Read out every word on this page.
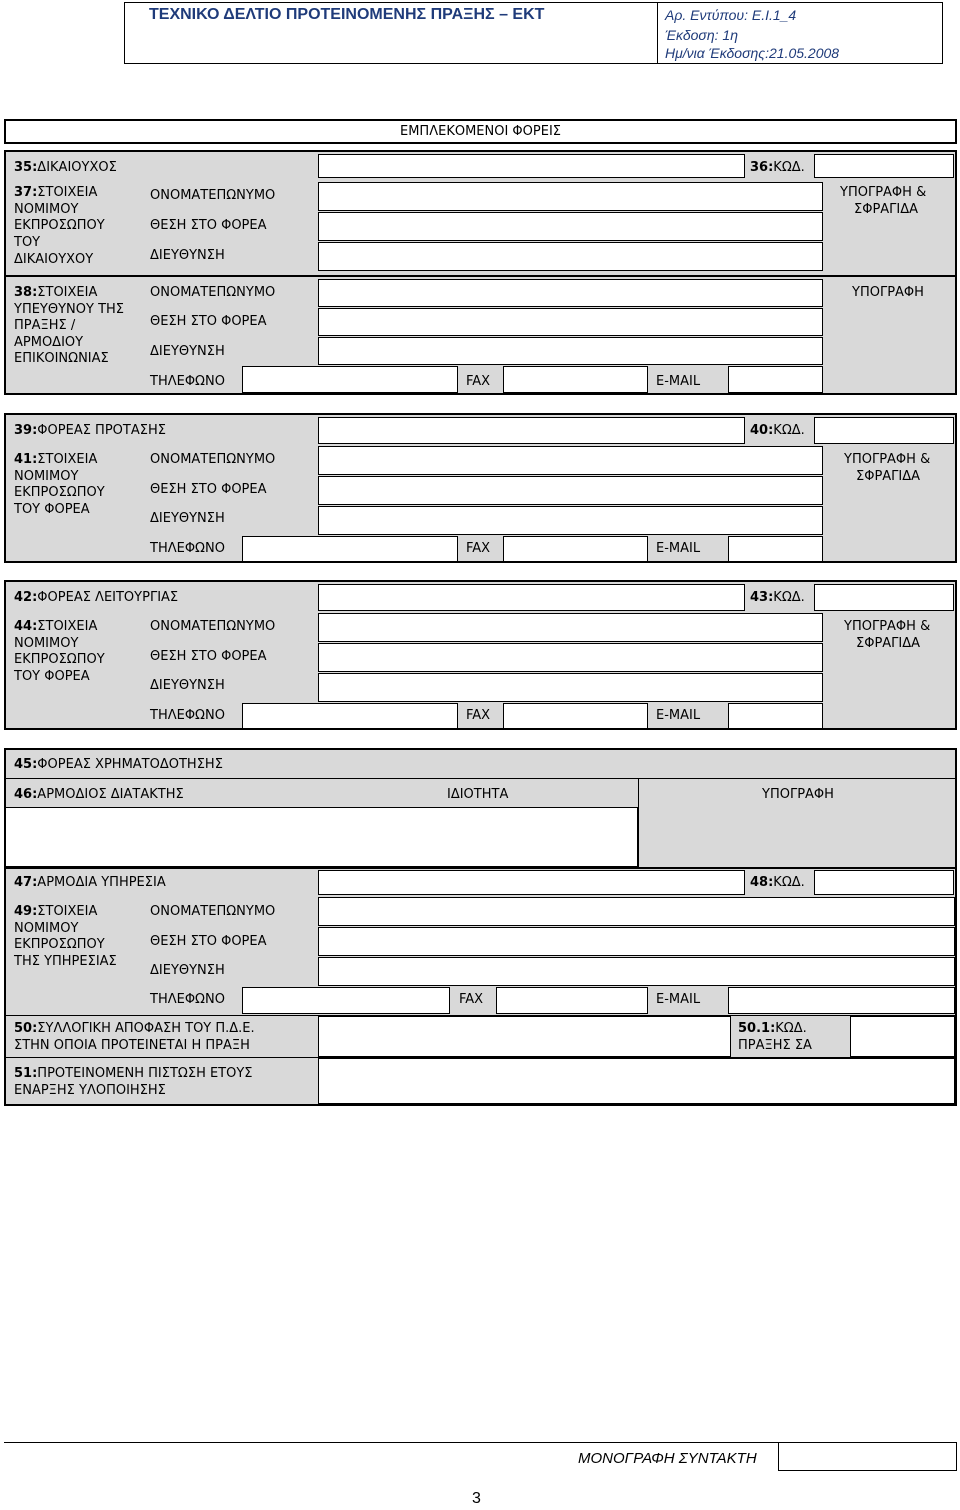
ΤΕΧΝΙΚΟ ΔΕΛΤΙΟ ΠΡΟΤΕΙΝΟΜΕΝΗΣ ΠΡΑΞΗΣ – ΕΚΤ	Αρ. Εντύπου: Ε.Ι.1_4
Έκδοση: 1η
Ημ/νια Έκδοσης:21.05.2008
ΕΜΠΛΕΚΟΜΕΝΟΙ ΦΟΡΕΙΣ
35:ΔΙΚΑΙΟΥΧΟΣ	36:ΚΩΔ.
37:ΣΤΟΙΧΕΙΑ
ΝΟΜΙΜΟΥ
ΕΚΠΡΟΣΩΠΟΥ
ΤΟΥ
ΔΙΚΑΙΟΥΧΟΥ
ΟΝΟΜΑΤΕΠΩΝΥΜΟ
ΘΕΣΗ ΣΤΟ ΦΟΡΕΑ
ΔΙΕΥΘΥΝΣΗ
ΥΠΟΓΡΑΦΗ &
ΣΦΡΑΓΙΔΑ
38:ΣΤΟΙΧΕΙΑ
ΥΠΕΥΘΥΝΟΥ ΤΗΣ
ΠΡΑΞΗΣ /
ΑΡΜΟΔΙΟΥ
ΕΠΙΚΟΙΝΩΝΙΑΣ
ΟΝΟΜΑΤΕΠΩΝΥΜΟ
ΘΕΣΗ ΣΤΟ ΦΟΡΕΑ
ΔΙΕΥΘΥΝΣΗ
ΤΗΛΕΦΩΝΟ	FAX	E-MAIL
ΥΠΟΓΡΑΦΗ
39:ΦΟΡΕΑΣ ΠΡΟΤΑΣΗΣ	40:ΚΩΔ.
41:ΣΤΟΙΧΕΙΑ
ΝΟΜΙΜΟΥ
ΕΚΠΡΟΣΩΠΟΥ
ΤΟΥ ΦΟΡΕΑ
ΟΝΟΜΑΤΕΠΩΝΥΜΟ
ΘΕΣΗ ΣΤΟ ΦΟΡΕΑ
ΔΙΕΥΘΥΝΣΗ
ΤΗΛΕΦΩΝΟ	FAX	E-MAIL
ΥΠΟΓΡΑΦΗ &
ΣΦΡΑΓΙΔΑ
42:ΦΟΡΕΑΣ ΛΕΙΤΟΥΡΓΙΑΣ	43:ΚΩΔ.
44:ΣΤΟΙΧΕΙΑ
ΝΟΜΙΜΟΥ
ΕΚΠΡΟΣΩΠΟΥ
ΤΟΥ ΦΟΡΕΑ
ΟΝΟΜΑΤΕΠΩΝΥΜΟ
ΘΕΣΗ ΣΤΟ ΦΟΡΕΑ
ΔΙΕΥΘΥΝΣΗ
ΤΗΛΕΦΩΝΟ	FAX	E-MAIL
ΥΠΟΓΡΑΦΗ &
ΣΦΡΑΓΙΔΑ
45:ΦΟΡΕΑΣ ΧΡΗΜΑΤΟΔΟΤΗΣΗΣ
46:ΑΡΜΟΔΙΟΣ ΔΙΑΤΑΚΤΗΣ	ΙΔΙΟΤΗΤΑ	ΥΠΟΓΡΑΦΗ
47:ΑΡΜΟΔΙΑ ΥΠΗΡΕΣΙΑ	48:ΚΩΔ.
49:ΣΤΟΙΧΕΙΑ
ΝΟΜΙΜΟΥ
ΕΚΠΡΟΣΩΠΟΥ
ΤΗΣ ΥΠΗΡΕΣΙΑΣ
ΟΝΟΜΑΤΕΠΩΝΥΜΟ
ΘΕΣΗ ΣΤΟ ΦΟΡΕΑ
ΔΙΕΥΘΥΝΣΗ
ΤΗΛΕΦΩΝΟ	FAX	E-MAIL
50:ΣΥΛΛΟΓΙΚΗ ΑΠΟΦΑΣΗ ΤΟΥ Π.Δ.Ε.
ΣΤΗΝ ΟΠΟΙΑ ΠΡΟΤΕΙΝΕΤΑΙ Η ΠΡΑΞΗ
50.1:ΚΩΔ.
ΠΡΑΞΗΣ ΣΑ
51:ΠΡΟΤΕΙΝΟΜΕΝΗ ΠΙΣΤΩΣΗ ΕΤΟΥΣ
ΕΝΑΡΞΗΣ ΥΛΟΠΟΙΗΣΗΣ
ΜΟΝΟΓΡΑΦΗ ΣΥΝΤΑΚΤΗ
3
